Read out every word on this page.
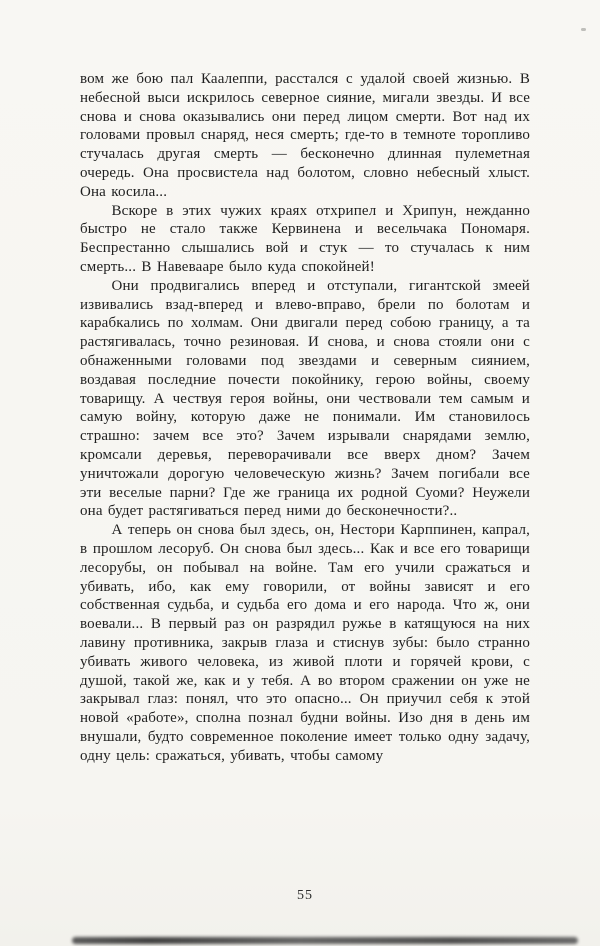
вом же бою пал Каалеппи, расстался с удалой своей жизнью. В небесной выси искрилось северное сияние, мигали звезды. И все снова и снова оказывались они перед лицом смерти. Вот над их головами провыл снаряд, неся смерть; где-то в темноте торопливо стучалась другая смерть — бесконечно длинная пулеметная очередь. Она просвистела над болотом, словно небесный хлыст. Она косила...

Вскоре в этих чужих краях отхрипел и Хрипун, нежданно быстро не стало также Кервинена и весельчака Пономаря. Беспрестанно слышались вой и стук — то стучалась к ним смерть... В Навевааре было куда спокойней!

Они продвигались вперед и отступали, гигантской змеей извивались взад-вперед и влево-вправо, брели по болотам и карабкались по холмам. Они двигали перед собою границу, а та растягивалась, точно резиновая. И снова, и снова стояли они с обнаженными головами под звездами и северным сиянием, воздавая последние почести покойнику, герою войны, своему товарищу. А чествуя героя войны, они чествовали тем самым и самую войну, которую даже не понимали. Им становилось страшно: зачем все это? Зачем изрывали снарядами землю, кромсали деревья, переворачивали все вверх дном? Зачем уничтожали дорогую человеческую жизнь? Зачем погибали все эти веселые парни? Где же граница их родной Суоми? Неужели она будет растягиваться перед ними до бесконечности?..

А теперь он снова был здесь, он, Нестори Карппинен, капрал, в прошлом лесоруб. Он снова был здесь... Как и все его товарищи лесорубы, он побывал на войне. Там его учили сражаться и убивать, ибо, как ему говорили, от войны зависят и его собственная судьба, и судьба его дома и его народа. Что ж, они воевали... В первый раз он разрядил ружье в катящуюся на них лавину противника, закрыв глаза и стиснув зубы: было странно убивать живого человека, из живой плоти и горячей крови, с душой, такой же, как и у тебя. А во втором сражении он уже не закрывал глаз: понял, что это опасно... Он приучил себя к этой новой «работе», сполна познал будни войны. Изо дня в день им внушали, будто современное поколение имеет только одну задачу, одну цель: сражаться, убивать, чтобы самому

55
